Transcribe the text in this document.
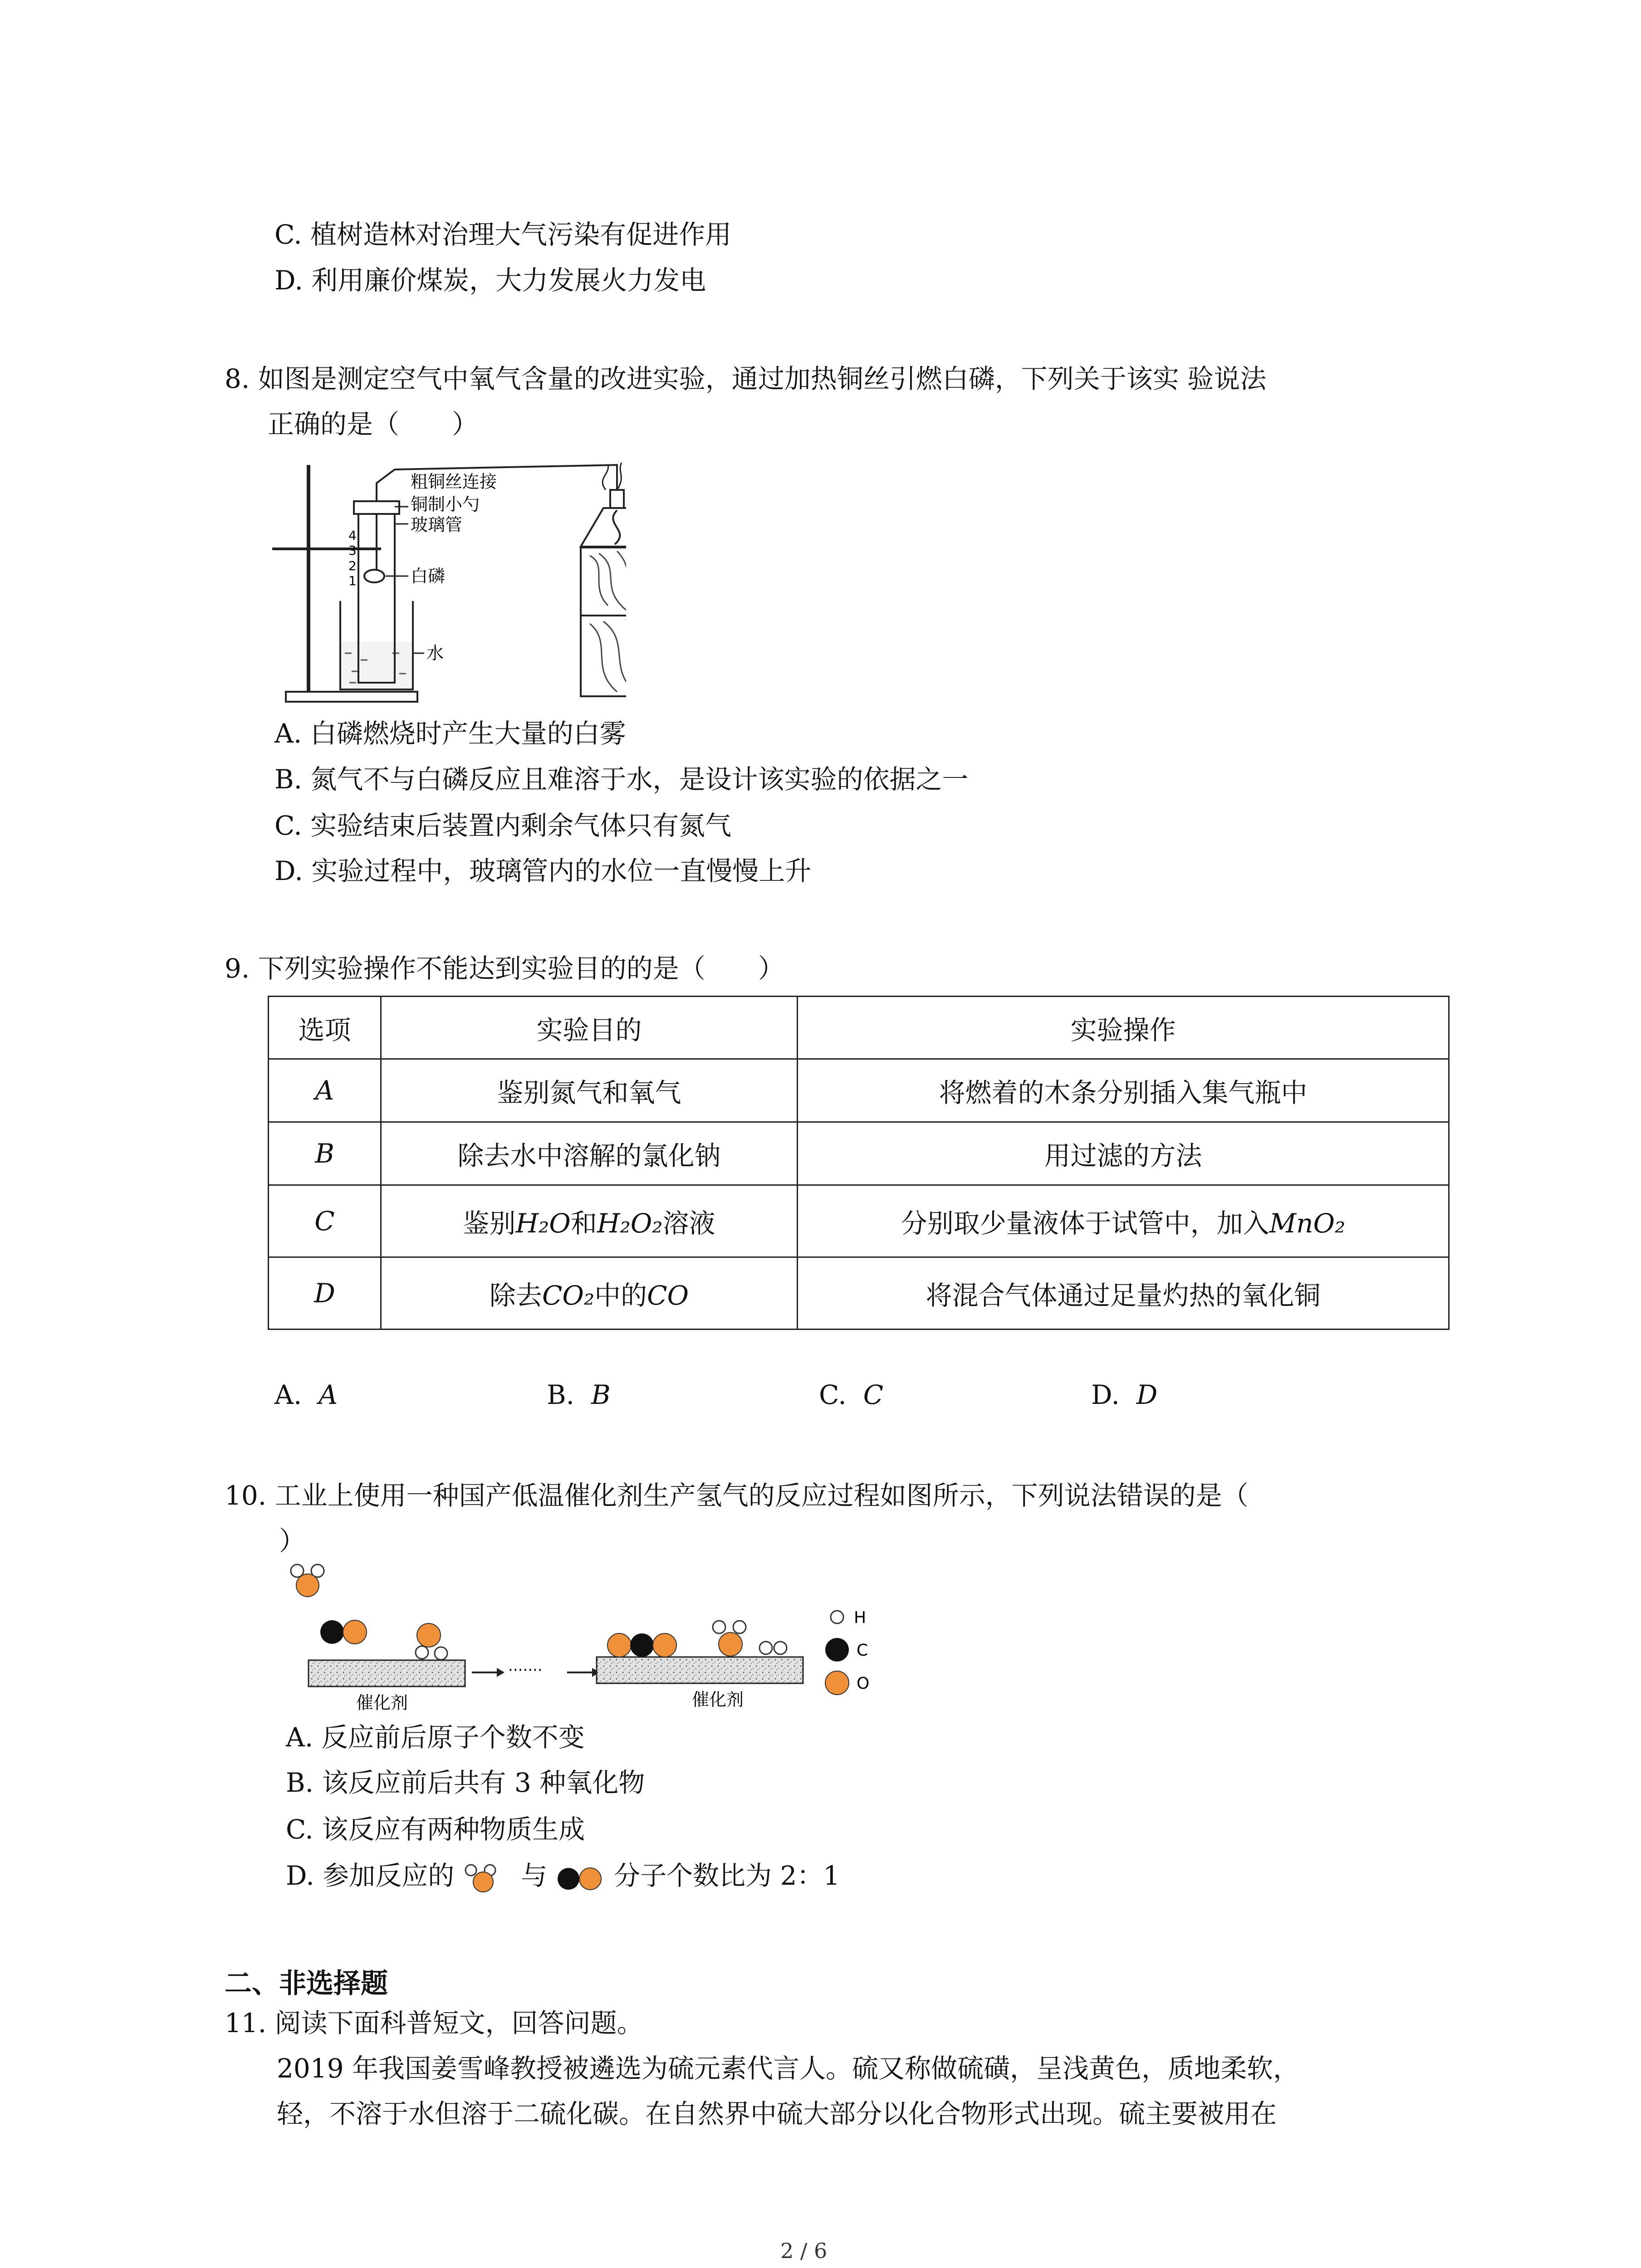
C. 植树造林对治理大气污染有促进作用
D. 利用廉价煤炭，大力发展火力发电
8. 如图是测定空气中氧气含量的改进实验，通过加热铜丝引燃白磷，下列关于该实 验说法
正确的是（　　）
4
3
2
1
粗铜丝连接
铜制小勺
玻璃管
白磷
水
A. 白磷燃烧时产生大量的白雾
B. 氮气不与白磷反应且难溶于水，是设计该实验的依据之一
C. 实验结束后装置内剩余气体只有氮气
D. 实验过程中，玻璃管内的水位一直慢慢上升
9. 下列实验操作不能达到实验目的的是（　　）
选项	实验目的	实验操作
A	鉴别氮气和氧气	将燃着的木条分别插入集气瓶中
B	除去水中溶解的氯化钠	用过滤的方法
C	鉴别H₂O和H₂O₂溶液	分别取少量液体于试管中，加入MnO₂
D	除去CO₂中的CO	将混合气体通过足量灼热的氧化铜
A. A	B. B	C. C	D. D
10. 工业上使用一种国产低温催化剂生产氢气的反应过程如图所示，下列说法错误的是（
）
催化剂
·······
催化剂
H
C
O
A. 反应前后原子个数不变
B. 该反应前后共有 3 种氧化物
C. 该反应有两种物质生成
D. 参加反应的	与	分子个数比为 2：1
二、非选择题
11. 阅读下面科普短文，回答问题。
2019 年我国姜雪峰教授被遴选为硫元素代言人。硫又称做硫磺，呈浅黄色，质地柔软，
轻，不溶于水但溶于二硫化碳。在自然界中硫大部分以化合物形式出现。硫主要被用在
2 / 6
